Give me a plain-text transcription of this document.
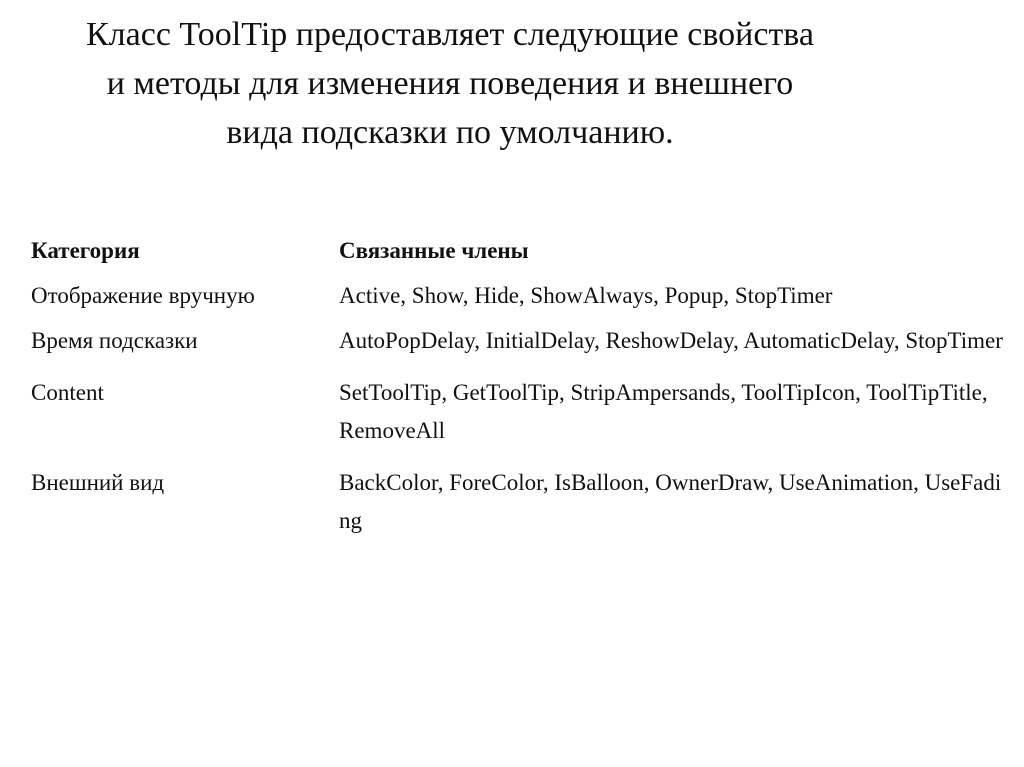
Класс ToolTip предоставляет следующие свойства
и методы для изменения поведения и внешнего
вида подсказки по умолчанию.
Категория	Связанные члены
Отображение вручную	Active, Show, Hide, ShowAlways, Popup, StopTimer
Время подсказки	AutoPopDelay, InitialDelay, ReshowDelay, AutomaticDelay, StopTimer
Content	SetToolTip, GetToolTip, StripAmpersands, ToolTipIcon, ToolTipTitle, RemoveAll
Внешний вид	BackColor, ForeColor, IsBalloon, OwnerDraw, UseAnimation, UseFading
